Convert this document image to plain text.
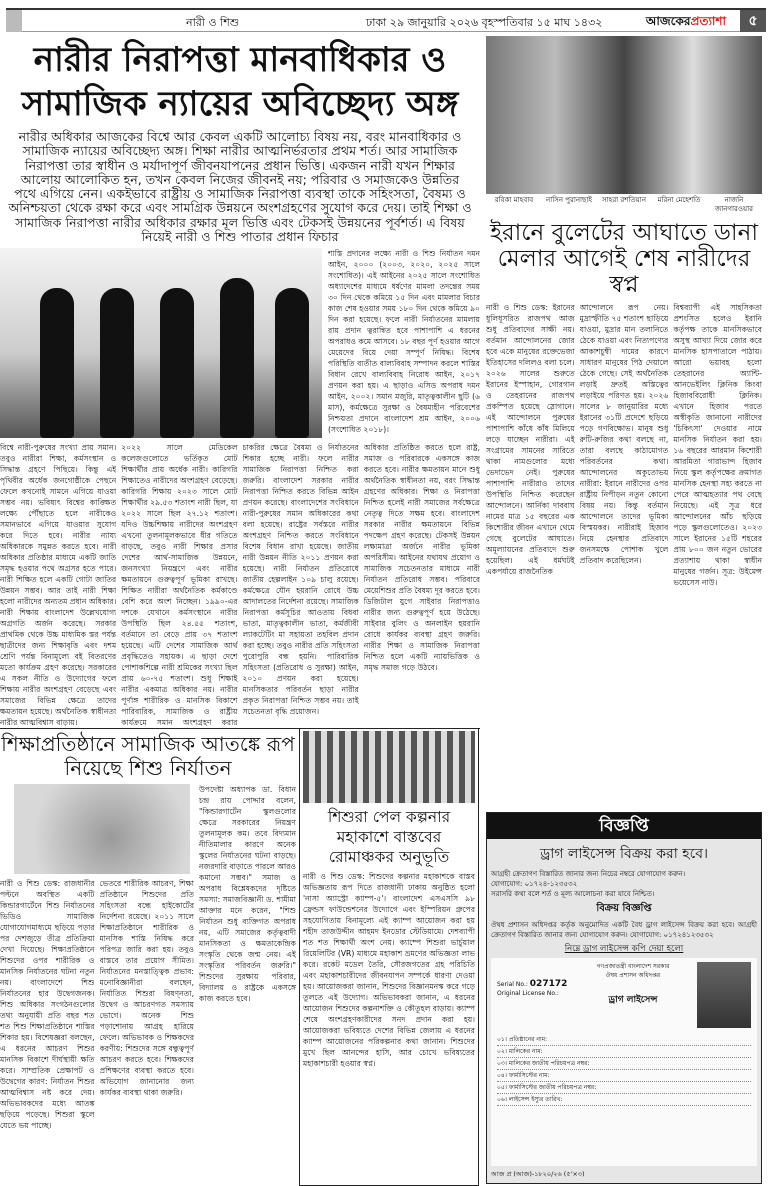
নারী ও শিশু	ঢাকা ২৯ জানুয়ারি ২০২৬ বৃহস্পতিবার ১৫ মাঘ ১৪৩২	আজকেরপ্রত্যাশা	৫
নারীর নিরাপত্তা মানবাধিকার ও সামাজিক ন্যায়ের অবিচ্ছেদ্য অঙ্গ
নারীর অধিকার আজকের বিশ্বে আর কেবল একটি আলোচ্য বিষয় নয়, বরং মানবাধিকার ও সামাজিক ন্যায়ের অবিচ্ছেদ্য অঙ্গ। শিক্ষা নারীর আত্মনির্ভরতার প্রথম শর্ত। আর সামাজিক নিরাপত্তা তার স্বাধীন ও মর্যাদাপূর্ণ জীবনযাপনের প্রধান ভিত্তি। একজন নারী যখন শিক্ষার আলোয় আলোকিত হন, তখন কেবল নিজের জীবনই নয়; পরিবার ও সমাজকেও উন্নতির পথে এগিয়ে নেন। একইভাবে রাষ্ট্রীয় ও সামাজিক নিরাপত্তা ব্যবস্থা তাকে সহিংসতা, বৈষম্য ও অনিশ্চয়তা থেকে রক্ষা করে এবং সামগ্রিক উন্নয়নে অংশগ্রহণের সুযোগ করে দেয়। তাই শিক্ষা ও সামাজিক নিরাপত্তা নারীর অধিকার রক্ষার মূল ভিত্তি এবং টেকসই উন্নয়নের পূর্বশর্ত। এ বিষয় নিয়েই নারী ও শিশু পাতার প্রধান ফিচার
শাস্তি প্রদানের লক্ষ্যে নারী ও শিশু নির্যাতন দমন আইন, ২০০০ (২০০৩, ২০২০, ২০২৫ সালে সংশোধিত)। এই আইনের ২০২৫ সালে সংশোধিত অধ্যাদেশের মাধ্যমে ধর্ষণের মামলা তদন্তের সময় ৩০ দিন থেকে কমিয়ে ১৫ দিন এবং মামলার বিচার কাজ শেষ হওয়ার সময় ১৮০ দিন থেকে কমিয়ে ৯০ দিন করা হয়েছে। ফলে নারী নির্যাতনের মামলায় রায় প্রদান ত্বরান্বিত হবে পাশাপাশি এ ধরনের অপরাধও কমে আসবে। ১৮ বছর পূর্ণ হওয়ার আগে মেয়েদের বিয়ে দেয়া সম্পূর্ণ নিষিদ্ধ। বিশেষ পরিস্থিতি ব্যতীত বাল্যবিবাহ সম্পাদন করলে শাস্তির বিধান রেখে বাল্যবিবাহ নিরোধ আইন, ২০১৭ প্রণয়ন করা হয়। এ ছাড়াও এসিড অপরাধ দমন আইন, ২০০২। সমান মজুরি, মাতৃত্বকালীন ছুটি (৬ মাস), কর্মক্ষেত্রে সুরক্ষা ও বৈষম্যহীন পরিবেশের নিশ্চয়তা প্রদানে বাংলাদেশ শ্রম আইন, ২০০৬ (সংশোধিত ২০১৮)।
বিশ্বে নারী-পুরুষের সংখ্যা প্রায় সমান। তবুও নারীরা শিক্ষা, কর্মসংস্থান ও সিদ্ধান্ত গ্রহণে পিছিয়ে। কিন্তু এই পৃথিবীর অর্ধেক জনগোষ্ঠীকে পেছনে ফেলে কখনোই সামনে এগিয়ে যাওয়া সম্ভব নয়। ভবিষ্যৎ বিশ্বের কাঙ্ক্ষিত লক্ষ্যে পৌঁছাতে হলে নারীকেও সমানভাবে এগিয়ে যাওয়ার সুযোগ করে দিতে হবে। নারীর ন্যায্য অধিকারকে সমুন্নত করতে হবে। নারী অধিকার প্রতিষ্ঠার মাধ্যমে একটি জাতি সমৃদ্ধ হওয়ার পথে অগ্রসর হতে পারে। নারী শিক্ষিত হলে একটি গোটা জাতির উন্নয়ন সম্ভব। আর তাই নারী শিক্ষা হলো নারীদের অন্যতম প্রধান অধিকার। নারী শিক্ষায় বাংলাদেশ উল্লেখযোগ্য অগ্রগতি অর্জন করেছে। সরকার প্রাথমিক থেকে উচ্চ মাধ্যমিক স্তর পর্যন্ত ছাত্রীদের জন্য শিক্ষাবৃত্তি এবং দশম শ্রেণি পর্যন্ত বিনামূল্যে বই বিতরণের মতো কার্যক্রম গ্রহণ করেছে। সরকারের এ সকল নীতি ও উদ্যোগের ফলে শিক্ষায় নারীর অংশগ্রহণ বেড়েছে এবং সমাজের বিভিন্ন ক্ষেত্রে তাদের ক্ষমতায়ন হয়েছে। অর্থনৈতিক স্বাধীনতা নারীর আত্মবিশ্বাস বাড়ায়।
২০২২ সালে মেডিকেল কলেজগুলোতে ভর্তিকৃত মোট শিক্ষার্থীর প্রায় অর্ধেক নারী। কারিগরি শিক্ষাতেও নারীদের অংশগ্রহণ বেড়েছে। কারিগরি শিক্ষায় ২০২৩ সালে মোট শিক্ষার্থীর ২৯.৫৩ শতাংশ নারী ছিল, যা ২০২২ সালে ছিল ২৭.১২ শতাংশ। যদিও উচ্চশিক্ষায় নারীদের অংশগ্রহণ এখনো তুলনামূলকভাবে ধীর গতিতে বাড়ছে, তবুও নারী শিক্ষার প্রসার দেশের আর্থ-সামাজিক উন্নয়নে, জনসংখ্যা নিয়ন্ত্রণে এবং নারীর ক্ষমতায়নে গুরুত্বপূর্ণ ভূমিকা রাখছে। শিক্ষিত নারীরা অর্থনৈতিক কর্মকাণ্ডে বেশি করে অংশ নিচ্ছেন। ১৯৯০-এর দশকে যেখানে কর্মসংস্থানে নারীর উপস্থিতি ছিল ২৪.৫৫ শতাংশ, বর্তমানে তা বেড়ে প্রায় ৩৭ শতাংশ হয়েছে। এটি দেশের সামাজিক আর্থ প্রবৃদ্ধিতেও সহায়ক। এ ছাড়া দেশে পোশাকশিল্পে নারী শ্রমিকের সংখ্যা ছিল প্রায় ৬০-৭৫ শতাংশ। শুধু শিক্ষাই নারীর একমাত্র অধিকার নয়। নারীর পূর্ণাঙ্গ শারীরিক ও মানসিক বিকাশে পারিবারিক, সামাজিক ও রাষ্ট্রীয় কার্যক্রমে সমান অংশগ্রহণ করার
চাকরির ক্ষেত্রে বৈষম্য ও নির্যাতনের শিকার হচ্ছে নারী। ফলে নারীর সামাজিক নিরাপত্তা নিশ্চিত করা জরুরি। বাংলাদেশ সরকার নারীর নিরাপত্তা নিশ্চিত করতে বিভিন্ন আইন প্রণয়ন করেছে। বাংলাদেশের সংবিধানে নারী-পুরুষের সমান অধিকারের কথা বলা হয়েছে। রাষ্ট্রের সর্বস্তরে নারীর অংশগ্রহণ নিশ্চিত করতে সংবিধানে বিশেষ বিধান রাখা হয়েছে। জাতীয় নারী উন্নয়ন নীতি ২০১১ প্রণয়ন করা হয়েছে। নারী নির্যাতন প্রতিরোধে জাতীয় হেল্পলাইন ১০৯ চালু রয়েছে। কর্মক্ষেত্রে যৌন হয়রানি রোধে উচ্চ আদালতের নির্দেশনা রয়েছে। সামাজিক নিরাপত্তা কর্মসূচির আওতায় বিধবা ভাতা, মাতৃত্বকালীন ভাতা, কর্মজীবী ল্যাকটেটিং মা সহায়তা তহবিল প্রদান করা হচ্ছে। তবুও নারীর প্রতি সহিংসতা পুরোপুরি বন্ধ হয়নি। পারিবারিক সহিংসতা (প্রতিরোধ ও সুরক্ষা) আইন, ২০১০ প্রণয়ন করা হয়েছে। মানসিকতার পরিবর্তন ছাড়া নারীর প্রকৃত নিরাপত্তা নিশ্চিত সম্ভব নয়। তাই সচেতনতা বৃদ্ধি প্রয়োজন।
অধিকার প্রতিষ্ঠিত করতে হলে রাষ্ট্র, সমাজ ও পরিবারকে একসঙ্গে কাজ করতে হবে। নারীর ক্ষমতায়ন মানে শুধু অর্থনৈতিক স্বাধীনতা নয়, বরং সিদ্ধান্ত গ্রহণের অধিকার। শিক্ষা ও নিরাপত্তা নিশ্চিত হলেই নারী সমাজের সর্বক্ষেত্রে নেতৃত্ব দিতে সক্ষম হবে। বাংলাদেশ সরকার নারীর ক্ষমতায়নে বিভিন্ন পদক্ষেপ গ্রহণ করেছে। টেকসই উন্নয়ন লক্ষ্যমাত্রা অর্জনে নারীর ভূমিকা অপরিসীম। আইনের যথাযথ প্রয়োগ ও সামাজিক সচেতনতার মাধ্যমে নারী নির্যাতন প্রতিরোধ সম্ভব। পরিবারে মেয়েশিশুর প্রতি বৈষম্য দূর করতে হবে। ডিজিটাল যুগে সাইবার নিরাপত্তাও নারীর জন্য গুরুত্বপূর্ণ হয়ে উঠেছে। সাইবার বুলিং ও অনলাইন হয়রানি রোধে কার্যকর ব্যবস্থা গ্রহণ জরুরি। নারীর শিক্ষা ও সামাজিক নিরাপত্তা নিশ্চিত হলে একটি ন্যায়ভিত্তিক ও সমৃদ্ধ সমাজ গড়ে উঠবে।
রবিকা মাহবাব	নাসিন পুরানাছাই	সাহরা রশতিয়ান	মরিনা মেহেশতি	নাজনি জানগারওয়ার
ইরানে বুলেটের আঘাতে ডানা মেলার আগেই শেষ নারীদের স্বপ্ন
নারী ও শিশু ডেস্ক: ইরানের ধুলিধূসরিত রাজপথ আজ শুধু প্রতিবাদের সাক্ষী নয়। বর্তমান আন্দোলনের জোর হবে একে মানুষের রক্তেভেজা ইতিহাসের দলিলও বলা চলে। ২০২৬ সালের শুরুতে ইরানের ইস্পাহান, গোরগান ও তেহরানের রাজপথ প্রকম্পিত হয়েছে স্লোগানে। এই আন্দোলনে পুরুষের পাশাপাশি কাঁধে কাঁধ মিলিয়ে লড়ে যাচ্ছেন নারীরা। এই সংগ্রামের সামনের সারিতে থাকা নামগুলোর মধ্যে ভেদাভেদ নেই। পুরুষের পাশাপাশি নারীরাও তাদের উপস্থিতি নিশ্চিত করেছেন আন্দোলনে। আর্নিকা দাববাঘ নামের মাত্র ১৫ বছরের এক কিশোরীর জীবন এখানে থেমে গেছে বুলেটের আঘাতে। অমূল্যায়নের প্রতিবাদে শুরু হয়েছিল। এই ধর্মঘটই একপর্যায়ে রাজনৈতিক
আন্দোলনে রূপ নেয়। মুদ্রাস্ফীতি ৭৫ শতাংশ ছাড়িয়ে যাওয়া, মুদ্রার মান তলানিতে ঠেকে যাওয়া এবং নিত্যপণ্যের আকাশচুম্বী দামের কারণে সাধারণ মানুষের পিঠ দেয়ালে ঠেকে গেছে। সেই অর্থনৈতিক লড়াই দ্রুতই অস্তিত্বের লড়াইয়ে পরিণত হয়। ২০২৬ সালের ৮ জানুয়ারির মধ্যে ইরানের ৩১টি প্রদেশে ছড়িয়ে পড়ে গণবিক্ষোভ। মানুষ শুধু রুটি-রুজির কথা বলছে না, তারা বলছে কাঠামোগত পরিবর্তনের কথা। আন্দোলনের অকুতোভয় নারীরা: ইরানে নারীদের ওপর রাষ্ট্রীয় নিপীড়ন নতুন কোনো বিষয় নয়। কিন্তু বর্তমান আন্দোলনে তাদের ভূমিকা বিস্ময়কর। নারীরাই হিজাব নিয়ে হেনস্থার প্রতিবাদে জনসমক্ষে পোশাক খুলে প্রতিবাদ করেছিলেন।
বিশ্বব্যাপী এই সাহসিকতা প্রশংসিত হলেও ইরানি কর্তৃপক্ষ তাকে মানসিকভাবে অসুস্থ আখ্যা দিয়ে জোর করে মানসিক হাসপাতালে পাঠায়। আরো ভয়াবহ হলো তেহরানের অ্যান্টি-আনভেইলিং ক্লিনিক কিংবা হিজাববিরোধী ক্লিনিক। এখানে হিজাব পরতে অস্বীকৃতি জানানো নারীদের 'চিকিৎসা' দেওয়ার নামে মানসিক নির্যাতন করা হয়। ১৬ বছরের আরমান কিশোরী আরমিতা গারাভান্দ হিজাব নিয়ে স্কুল কর্তৃপক্ষের ক্রমাগত মানসিক হেনস্থা সহ্য করতে না পেরে আত্মহত্যার পথ বেছে নিয়েছে। এই সূত্র ধরে আন্দোলনের আঁচ ছড়িয়ে পড়ে স্কুলগুলোতেও। ২০২৩ সালে ইরানের ১৫টি শহরের প্রায় ৮০০ জন নতুন ভোরের প্রত্যাশায় থাকা স্বাধীন মানুষের গর্জন। সূত্র: উইমেন্স ভয়েসেস নাউ।
শিক্ষাপ্রতিষ্ঠানে সামাজিক আতঙ্কে রূপ নিয়েছে শিশু নির্যাতন
নারী ও শিশু ডেস্ক: রাজধানীর পল্টনে অবস্থিত একটি কিন্ডারগার্টেনে শিশু নির্যাতনের ভিডিও সামাজিক যোগাযোগমাধ্যমে ছড়িয়ে পড়ার পর দেশজুড়ে তীব্র প্রতিক্রিয়া দেখা দিয়েছে। শিক্ষাপ্রতিষ্ঠানে শিশুদের ওপর শারীরিক ও মানসিক নির্যাতনের ঘটনা নতুন নয়। বাংলাদেশে শিশু নির্যাতনের হার উদ্বেগজনক। শিশু অধিকার সংগঠনগুলোর তথ্য অনুযায়ী প্রতি বছর শত শত শিশু শিক্ষাপ্রতিষ্ঠানে শাস্তির শিকার হয়। বিশেষজ্ঞরা বলছেন, এ ধরনের আচরণ শিশুর মানসিক বিকাশে দীর্ঘস্থায়ী ক্ষতি করে। সাম্প্রতিক প্রেক্ষাপট ও উদ্বেগের কারণ: নির্যাতন শিশুর আত্মবিশ্বাস নষ্ট করে দেয়। অভিভাবকদের মধ্যে আতঙ্ক ছড়িয়ে পড়েছে। শিশুরা স্কুলে যেতে ভয় পাচ্ছে।
ভেতরে শারীরিক আচরণ, শিক্ষা প্রতিষ্ঠানে শিশুদের প্রতি সহিংসতা বন্ধে হাইকোর্টের নির্দেশনা রয়েছে। ২০১১ সালে শিক্ষাপ্রতিষ্ঠানে শারীরিক ও মানসিক শাস্তি নিষিদ্ধ করে পরিপত্র জারি করা হয়। তবুও বাস্তবে তার প্রয়োগ সীমিত। নির্যাতনের মনস্তাত্ত্বিক প্রভাব: মনোবিজ্ঞানীরা বলছেন, নির্যাতিত শিশুরা বিষণ্নতা, উদ্বেগ ও আচরণগত সমস্যায় ভোগে। অনেক শিশু পড়াশোনায় আগ্রহ হারিয়ে ফেলে। অভিভাবক ও শিক্ষকদের করণীয়: শিশুদের সঙ্গে বন্ধুত্বপূর্ণ আচরণ করতে হবে। শিক্ষকদের প্রশিক্ষণের ব্যবস্থা করতে হবে। অভিযোগ জানানোর জন্য কার্যকর ব্যবস্থা থাকা জরুরি।
উপদেষ্টা অধ্যাপক ডা. বিধান চন্দ্র রায় পোদ্দার বলেন, "কিন্ডারগার্টেন স্কুলগুলোর ক্ষেত্রে সরকারের নিয়ন্ত্রণ তুলনামূলক কম। তবে বিদ্যমান নীতিমালার কারণে অনেক স্কুলের নির্যাতনের ঘটনা বাড়ছে। নজরদারি বাড়াতে পারলে আরও কমানো সম্ভব।" সমাজ ও অপরাধ বিশ্লেষকদের দৃষ্টিতে সমস্যা: সমাজবিজ্ঞানী ড. শামীমা আক্তার মনে করেন, "শিশু নির্যাতন শুধু ব্যক্তিগত অপরাধ নয়, এটি সমাজের কর্তৃত্ববাদী মানসিকতা ও ক্ষমতাকেন্দ্রিক সংস্কৃতি থেকে জন্ম নেয়। এই সংস্কৃতির পরিবর্তন জরুরি।" শিশুদের সুরক্ষায় পরিবার, বিদ্যালয় ও রাষ্ট্রকে একসঙ্গে কাজ করতে হবে।
শিশুরা পেল কল্পনার মহাকাশে বাস্তবের রোমাঞ্চকর অনুভূতি
নারী ও শিশু ডেস্ক: শিশুদের কল্পনার মহাকাশকে বাস্তব অভিজ্ঞতায় রূপ দিতে রাজধানী ঢাকায় অনুষ্ঠিত হলো 'নাসা অ্যাস্ট্রো ক্যাম্প-৫'। বাংলাদেশ এসএসসি ৯৮ ফ্রেন্ডস ফাউন্ডেশনের উদ্যোগে এবং ইস্পিরিয়ন গ্রুপের সহযোগিতায় বিনামূল্যে এই ক্যাম্প আয়োজন করা হয় শহীদ তাজউদ্দীন আহমদ ইনডোর স্টেডিয়ামে। দেশব্যাপী শত শত শিক্ষার্থী অংশ নেয়। ক্যাম্পে শিশুরা ভার্চুয়াল রিয়েলিটির (VR) মাধ্যমে মহাকাশ ভ্রমণের অভিজ্ঞতা লাভ করে। রকেট মডেল তৈরি, সৌরজগতের গ্রহ পরিচিতি এবং মহাকাশচারীদের জীবনযাপন সম্পর্কে ধারণা দেওয়া হয়। আয়োজকরা জানান, শিশুদের বিজ্ঞানমনস্ক করে গড়ে তুলতে এই উদ্যোগ। অভিভাবকরা জানান, এ ধরনের আয়োজন শিশুদের কল্পনাশক্তি ও কৌতূহল বাড়ায়। ক্যাম্প শেষে অংশগ্রহণকারীদের সনদ প্রদান করা হয়। আয়োজকরা ভবিষ্যতে দেশের বিভিন্ন জেলায় এ ধরনের ক্যাম্প আয়োজনের পরিকল্পনার কথা জানান। শিশুদের মুখে ছিল আনন্দের হাসি, আর চোখে ভবিষ্যতের মহাকাশচারী হওয়ার স্বপ্ন।
বিজ্ঞপ্তি
ড্রাগ লাইসেন্স বিক্রয় করা হবে।
আগ্রহী ক্রেতাগণ বিস্তারিত জানার জন্য নিচের নম্বরে যোগাযোগ করুন।
যোগাযোগ: ০১৭২৪-১২৩৫৩২
সরাসরি কথা বলে শর্ত ও মূল্য আলোচনা করা যাবে নিশ্চিত।
বিক্রয় বিজ্ঞপ্তি
ঔষধ প্রশাসন অধিদপ্তর কর্তৃক অনুমোদিত একটি বৈধ ড্রাগ লাইসেন্স বিক্রয় করা হবে। আগ্রহী ক্রেতাগণ বিস্তারিত জানার জন্য যোগাযোগ করুন। যোগাযোগ: ০১৭২৪১২৩৫৩২
নিম্নে ড্রাগ লাইসেন্স কপি দেয়া হলো
Serial No.: 027172
Original License No.:
গণপ্রজাতন্ত্রী বাংলাদেশ সরকার
ঔষধ প্রশাসন অধিদপ্তর
ড্রাগ লাইসেন্স
০১। প্রতিষ্ঠানের নাম:
০২। মালিকের নাম:
০৩। মালিকের জাতীয় পরিচয়পত্র নম্বর:
০৪। ফার্মাসিস্টের নাম:
০৫। ফার্মাসিস্টের জাতীয় পরিচয়পত্র নম্বর:
০৬। লাইসেন্স ইস্যুর তারিখ:
আজ প্র (আজ)-১৮২০/২৬ (৫'×৩)
